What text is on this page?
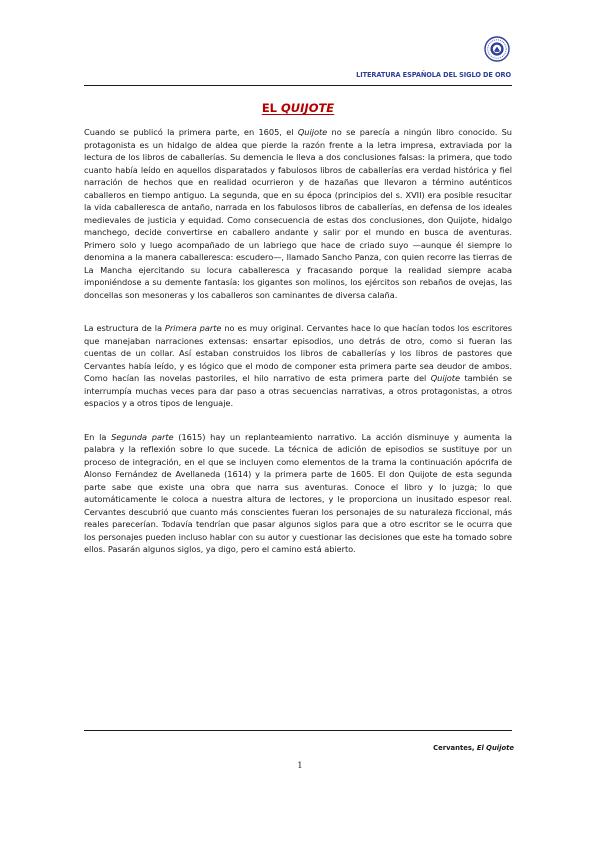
LITERATURA ESPAÑOLA DEL SIGLO DE ORO

EL QUIJOTE

Cuando se publicó la primera parte, en 1605, el Quijote no se parecía a ningún libro conocido. Su protagonista es un hidalgo de aldea que pierde la razón frente a la letra impresa, extraviada por la lectura de los libros de caballerías. Su demencia le lleva a dos conclusiones falsas: la primera, que todo cuanto había leído en aquellos disparatados y fabulosos libros de caballerías era verdad histórica y fiel narración de hechos que en realidad ocurrieron y de hazañas que llevaron a término auténticos caballeros en tiempo antiguo. La segunda, que en su época (principios del s. XVII) era posible resucitar la vida caballeresca de antaño, narrada en los fabulosos libros de caballerías, en defensa de los ideales medievales de justicia y equidad. Como consecuencia de estas dos conclusiones, don Quijote, hidalgo manchego, decide convertirse en caballero andante y salir por el mundo en busca de aventuras. Primero solo y luego acompañado de un labriego que hace de criado suyo —aunque él siempre lo denomina a la manera caballeresca: escudero—, llamado Sancho Panza, con quien recorre las tierras de La Mancha ejercitando su locura caballeresca y fracasando porque la realidad siempre acaba imponiéndose a su demente fantasía: los gigantes son molinos, los ejércitos son rebaños de ovejas, las doncellas son mesoneras y los caballeros son caminantes de diversa calaña.

La estructura de la Primera parte no es muy original. Cervantes hace lo que hacían todos los escritores que manejaban narraciones extensas: ensartar episodios, uno detrás de otro, como si fueran las cuentas de un collar. Así estaban construidos los libros de caballerías y los libros de pastores que Cervantes había leído, y es lógico que el modo de componer esta primera parte sea deudor de ambos. Como hacían las novelas pastoriles, el hilo narrativo de esta primera parte del Quijote también se interrumpía muchas veces para dar paso a otras secuencias narrativas, a otros protagonistas, a otros espacios y a otros tipos de lenguaje.

En la Segunda parte (1615) hay un replanteamiento narrativo. La acción disminuye y aumenta la palabra y la reflexión sobre lo que sucede. La técnica de adición de episodios se sustituye por un proceso de integración, en el que se incluyen como elementos de la trama la continuación apócrifa de Alonso Fernández de Avellaneda (1614) y la primera parte de 1605. El don Quijote de esta segunda parte sabe que existe una obra que narra sus aventuras. Conoce el libro y lo juzga; lo que automáticamente le coloca a nuestra altura de lectores, y le proporciona un inusitado espesor real. Cervantes descubrió que cuanto más conscientes fueran los personajes de su naturaleza ficcional, más reales parecerían. Todavía tendrían que pasar algunos siglos para que a otro escritor se le ocurra que los personajes pueden incluso hablar con su autor y cuestionar las decisiones que este ha tomado sobre ellos. Pasarán algunos siglos, ya digo, pero el camino está abierto.

Cervantes, El Quijote

1
